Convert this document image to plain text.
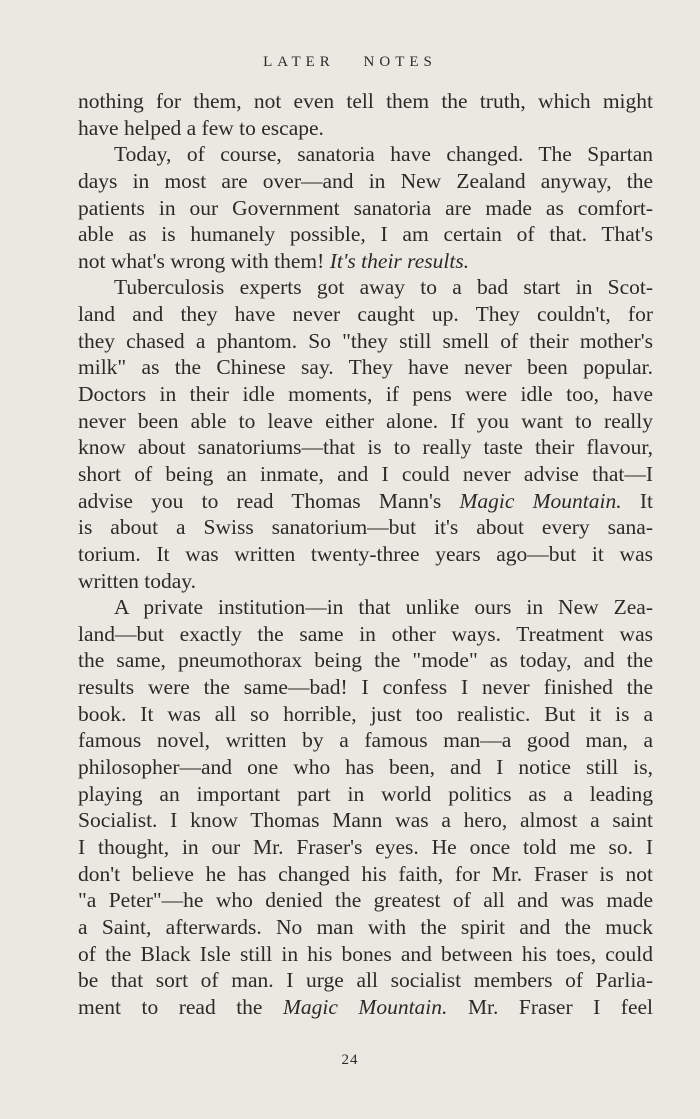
LATER NOTES
nothing for them, not even tell them the truth, which might
have helped a few to escape.
Today, of course, sanatoria have changed. The Spartan
days in most are over—and in New Zealand anyway, the
patients in our Government sanatoria are made as comfort-
able as is humanely possible, I am certain of that. That's
not what's wrong with them! It's their results.
Tuberculosis experts got away to a bad start in Scot-
land and they have never caught up. They couldn't, for
they chased a phantom. So "they still smell of their mother's
milk" as the Chinese say. They have never been popular.
Doctors in their idle moments, if pens were idle too, have
never been able to leave either alone. If you want to really
know about sanatoriums—that is to really taste their flavour,
short of being an inmate, and I could never advise that—I
advise you to read Thomas Mann's Magic Mountain. It
is about a Swiss sanatorium—but it's about every sana-
torium. It was written twenty-three years ago—but it was
written today.
A private institution—in that unlike ours in New Zea-
land—but exactly the same in other ways. Treatment was
the same, pneumothorax being the "mode" as today, and the
results were the same—bad! I confess I never finished the
book. It was all so horrible, just too realistic. But it is a
famous novel, written by a famous man—a good man, a
philosopher—and one who has been, and I notice still is,
playing an important part in world politics as a leading
Socialist. I know Thomas Mann was a hero, almost a saint
I thought, in our Mr. Fraser's eyes. He once told me so. I
don't believe he has changed his faith, for Mr. Fraser is not
"a Peter"—he who denied the greatest of all and was made
a Saint, afterwards. No man with the spirit and the muck
of the Black Isle still in his bones and between his toes, could
be that sort of man. I urge all socialist members of Parlia-
ment to read the Magic Mountain. Mr. Fraser I feel
24
